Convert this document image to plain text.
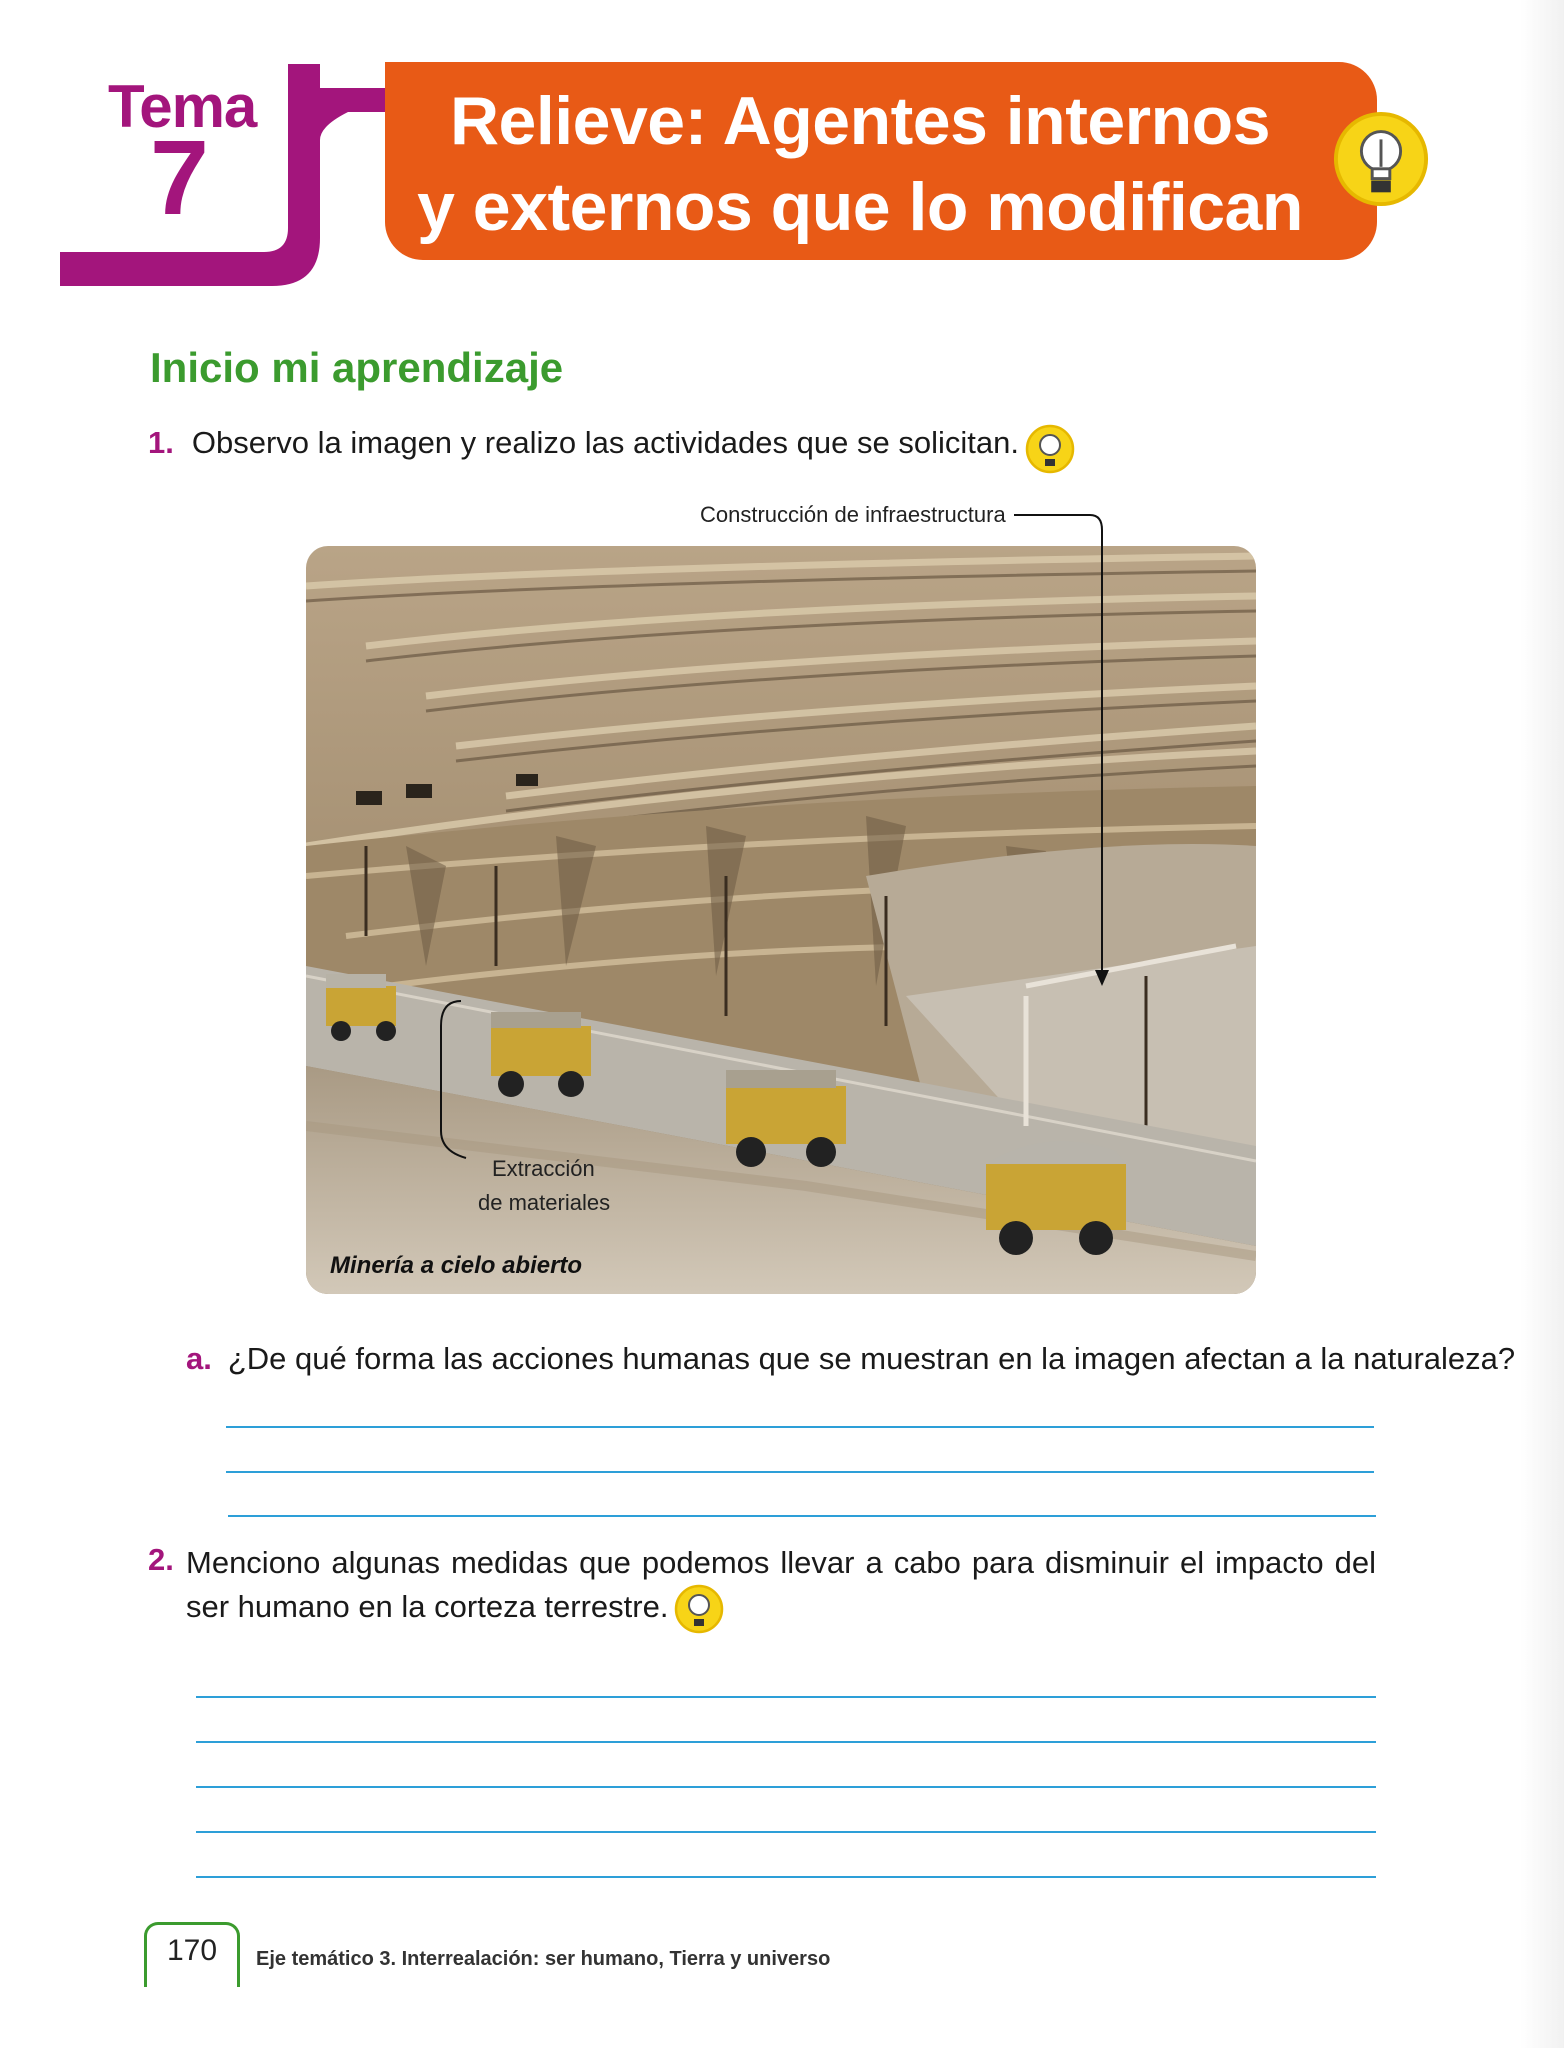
Tema
7	Relieve: Agentes internos
y externos que lo modifican
Inicio mi aprendizaje
1. Observo la imagen y realizo las actividades que se solicitan.
Construcción de infraestructura
Extracción
de materiales
Minería a cielo abierto
a. ¿De qué forma las acciones humanas que se muestran en la imagen afectan a la naturaleza?
2. Menciono algunas medidas que podemos llevar a cabo para disminuir el impacto del ser humano en la corteza terrestre.
170	Eje temático 3. Interrealación: ser humano, Tierra y universo
